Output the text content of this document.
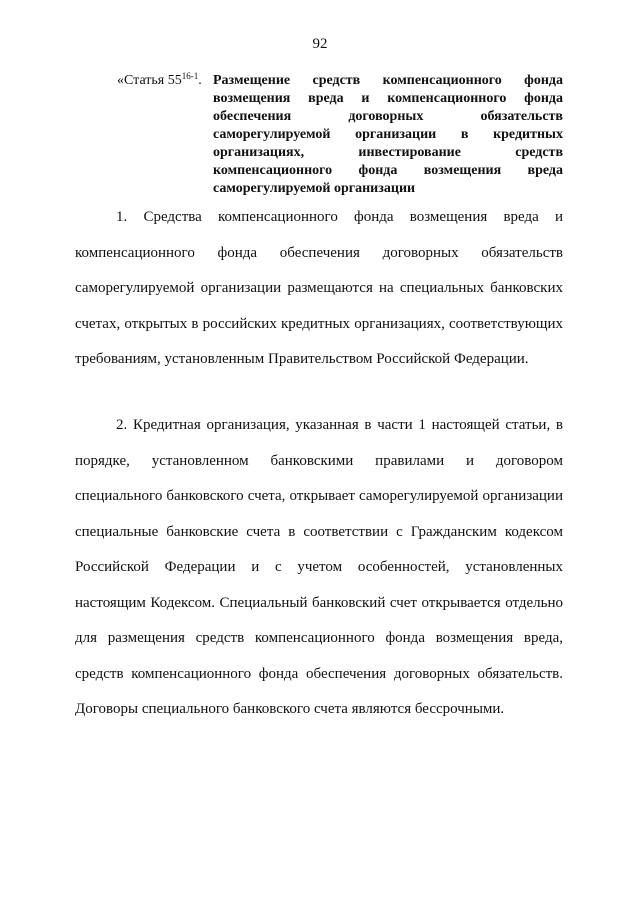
92
«Статья 55$^{16-1}$. Размещение средств компенсационного фонда возмещения вреда и компенсационного фонда обеспечения договорных обязательств саморегулируемой организации в кредитных организациях, инвестирование средств компенсационного фонда возмещения вреда саморегулируемой организации

1. Средства компенсационного фонда возмещения вреда и компенсационного фонда обеспечения договорных обязательств саморегулируемой организации размещаются на специальных банковских счетах, открытых в российских кредитных организациях, соответствующих требованиям, установленным Правительством Российской Федерации.

2. Кредитная организация, указанная в части 1 настоящей статьи, в порядке, установленном банковскими правилами и договором специального банковского счета, открывает саморегулируемой организации специальные банковские счета в соответствии с Гражданским кодексом Российской Федерации и с учетом особенностей, установленных настоящим Кодексом. Специальный банковский счет открывается отдельно для размещения средств компенсационного фонда возмещения вреда, средств компенсационного фонда обеспечения договорных обязательств. Договоры специального банковского счета являются бессрочными.
